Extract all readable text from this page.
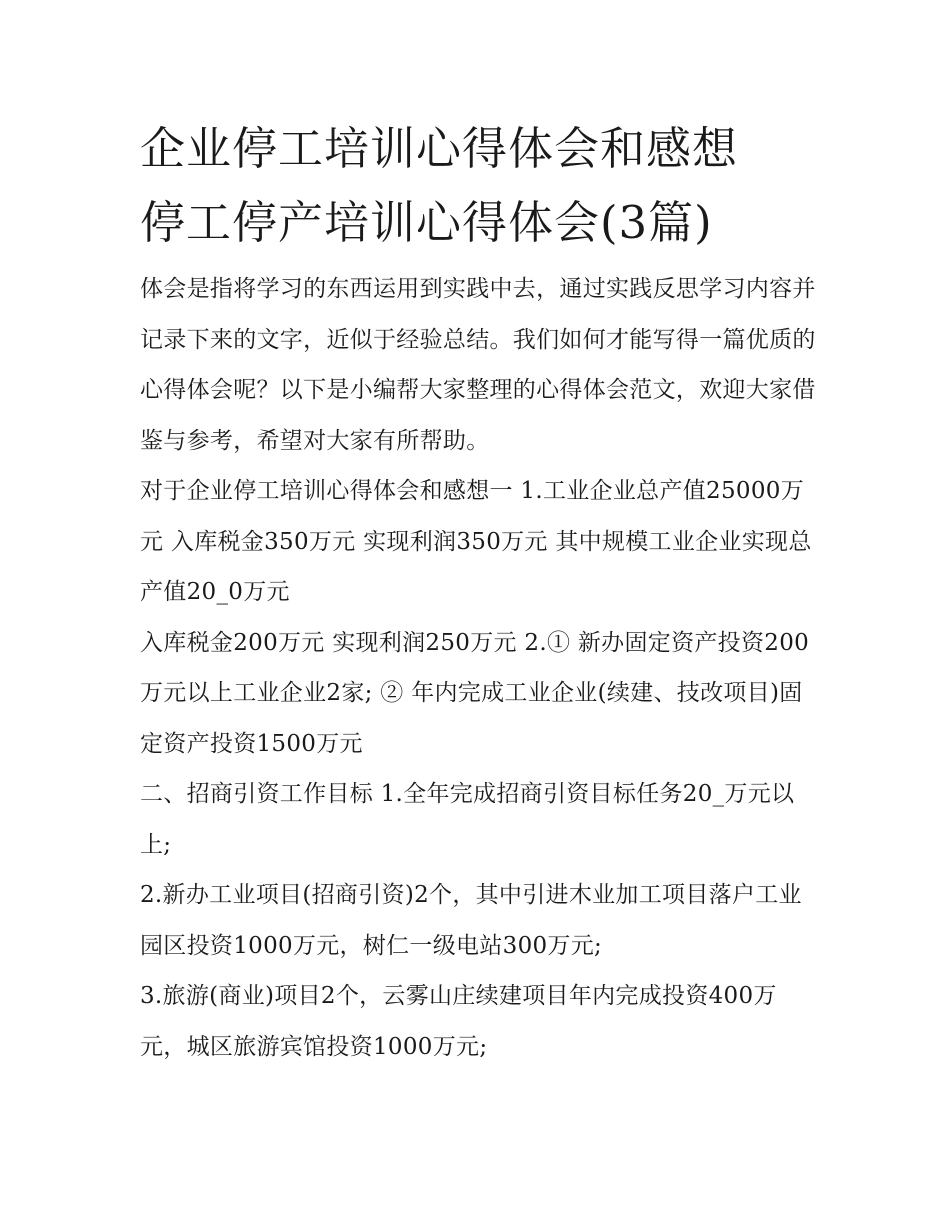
企业停工培训心得体会和感想
停工停产培训心得体会(3篇)

体会是指将学习的东西运用到实践中去，通过实践反思学习内容并记录下来的文字，近似于经验总结。我们如何才能写得一篇优质的心得体会呢？以下是小编帮大家整理的心得体会范文，欢迎大家借鉴与参考，希望对大家有所帮助。

对于企业停工培训心得体会和感想一 1.工业企业总产值25000万元 入库税金350万元 实现利润350万元 其中规模工业企业实现总产值20_0万元

入库税金200万元 实现利润250万元 2.① 新办固定资产投资200万元以上工业企业2家; ② 年内完成工业企业(续建、技改项目)固定资产投资1500万元

二、招商引资工作目标 1.全年完成招商引资目标任务20_万元以上;

2.新办工业项目(招商引资)2个，其中引进木业加工项目落户工业园区投资1000万元，树仁一级电站300万元;

3.旅游(商业)项目2个，云雾山庄续建项目年内完成投资400万元，城区旅游宾馆投资1000万元;
